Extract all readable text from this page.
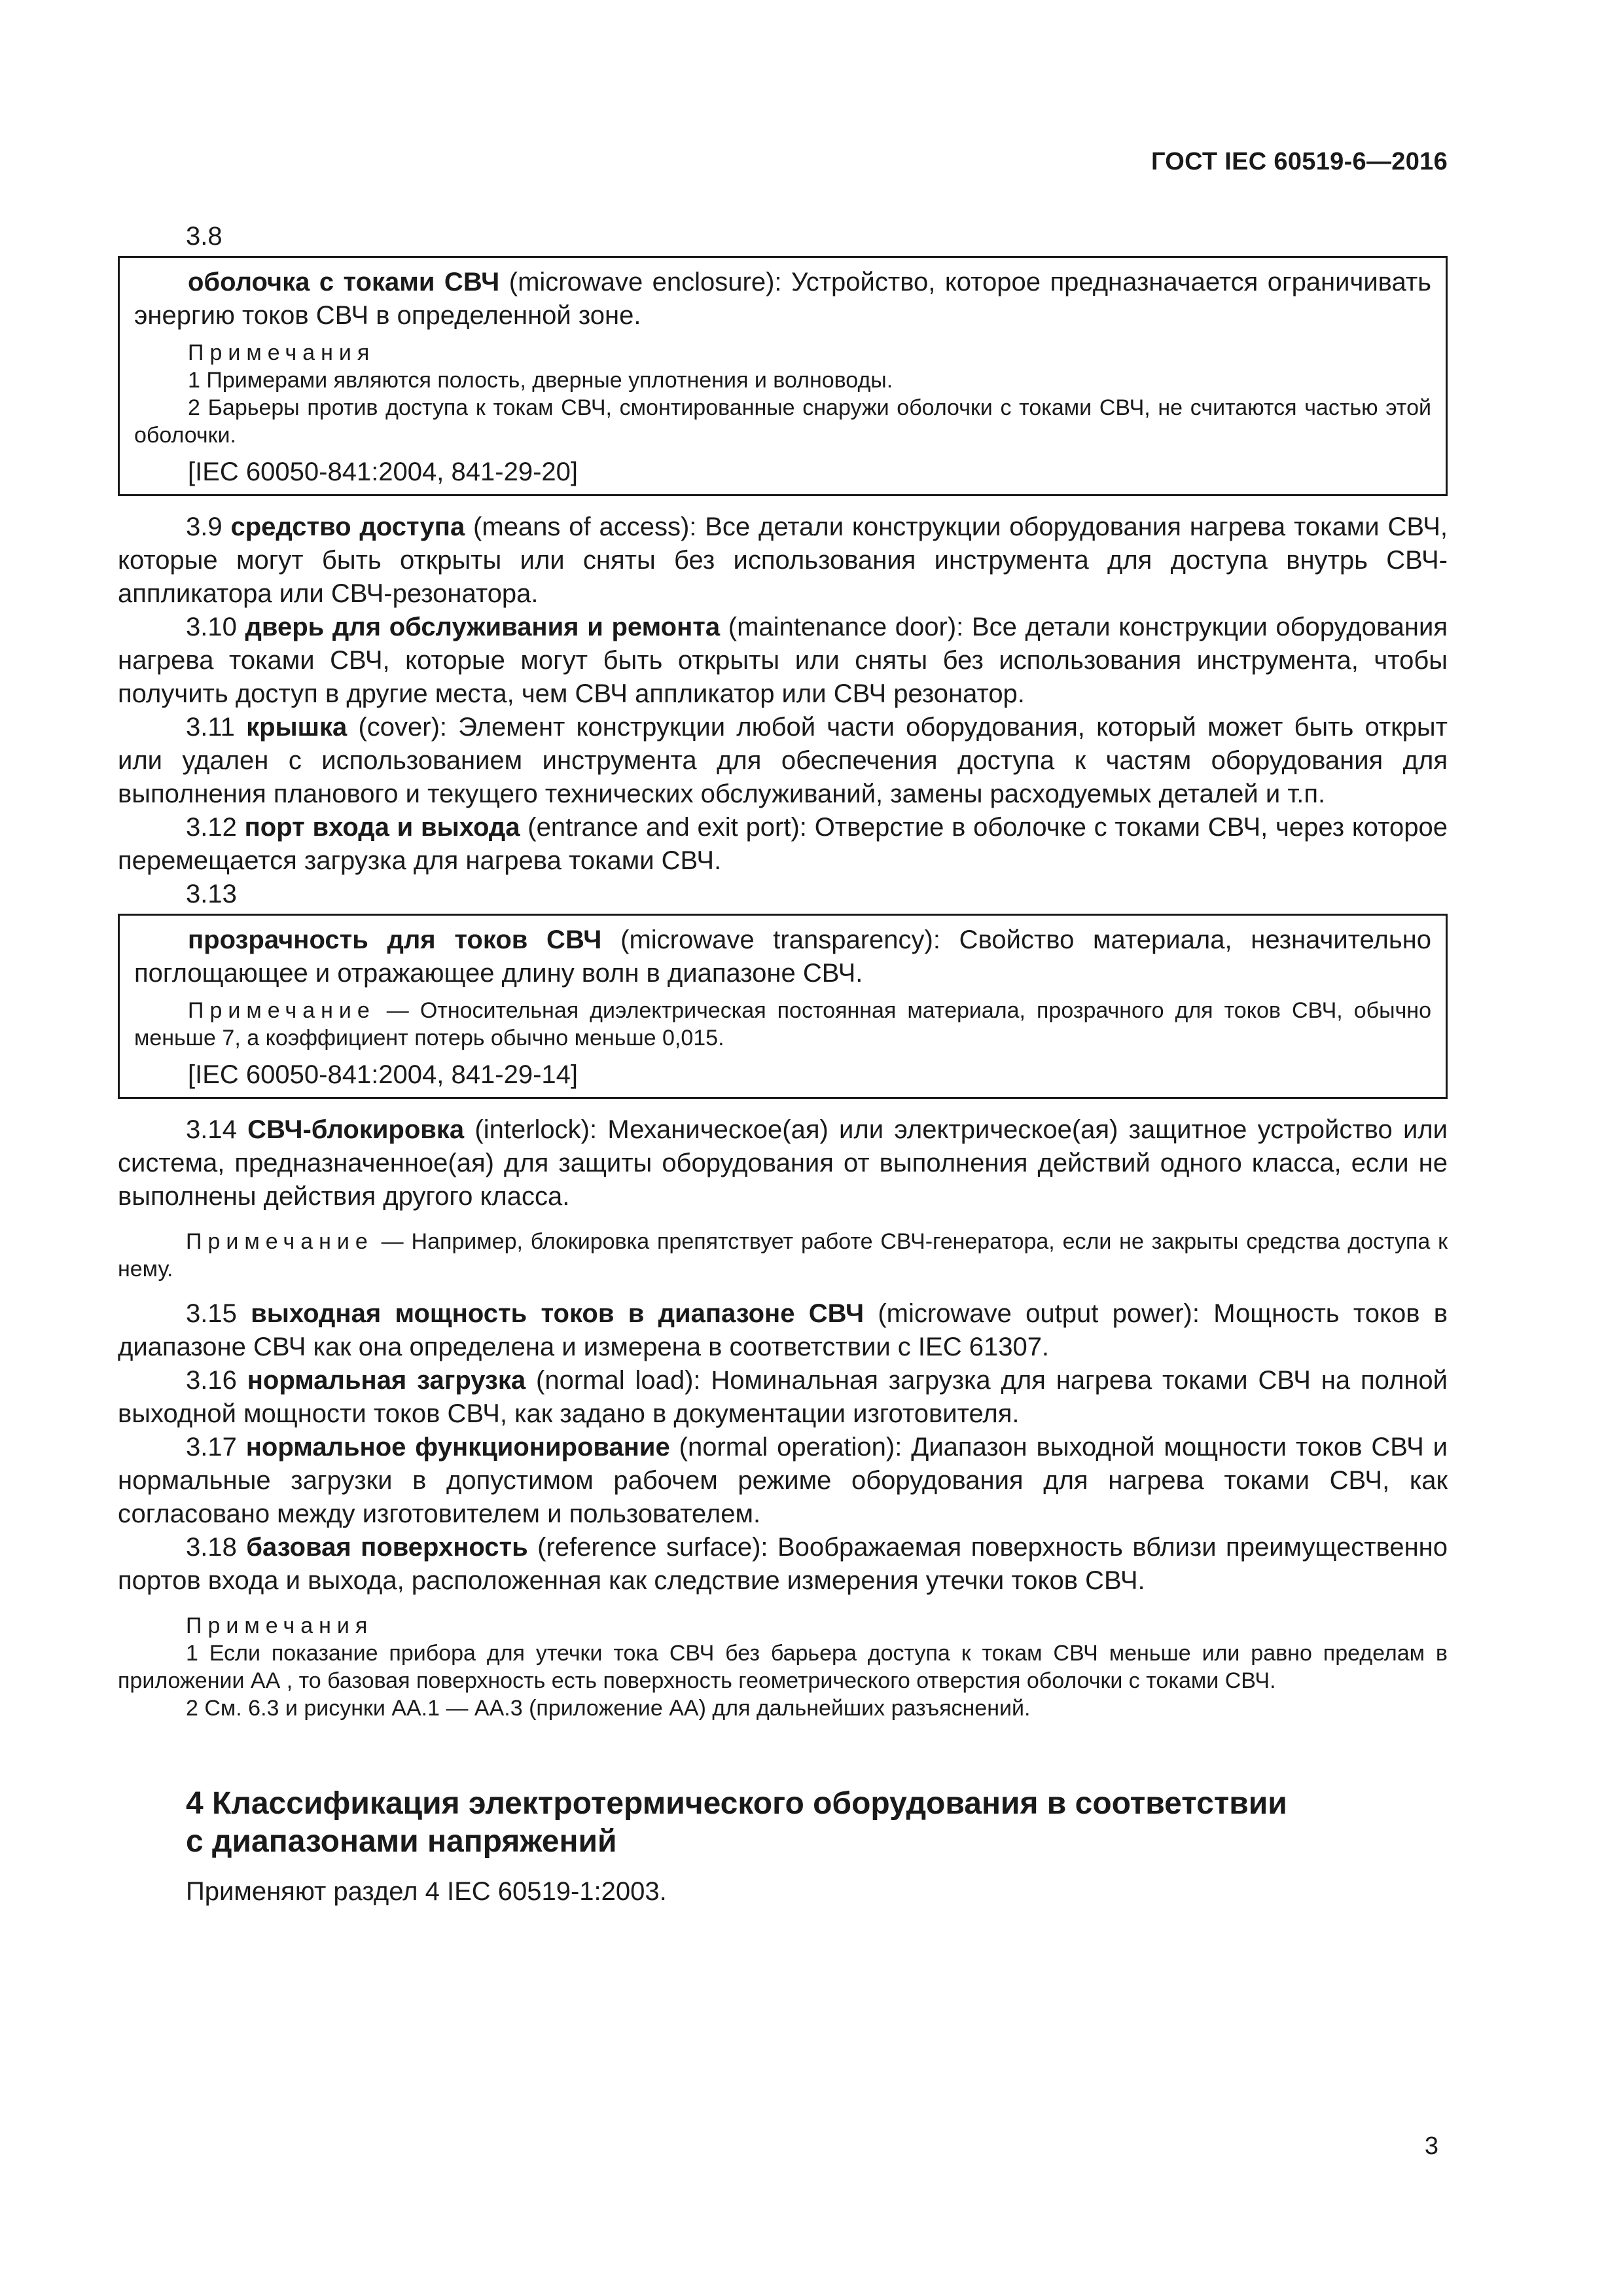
ГОСТ IEC 60519-6—2016

3.8

оболочка с токами СВЧ (microwave enclosure): Устройство, которое предназначается ограничивать энергию токов СВЧ в определенной зоне.

Примечания

1 Примерами являются полость, дверные уплотнения и волноводы.

2 Барьеры против доступа к токам СВЧ, смонтированные снаружи оболочки с токами СВЧ, не считаются частью этой оболочки.

[IEC 60050-841:2004, 841-29-20]

3.9 средство доступа (means of access): Все детали конструкции оборудования нагрева токами СВЧ, которые могут быть открыты или сняты без использования инструмента для доступа внутрь СВЧ-аппликатора или СВЧ-резонатора.

3.10 дверь для обслуживания и ремонта (maintenance door): Все детали конструкции оборудования нагрева токами СВЧ, которые могут быть открыты или сняты без использования инструмента, чтобы получить доступ в другие места, чем СВЧ аппликатор или СВЧ резонатор.

3.11 крышка (cover): Элемент конструкции любой части оборудования, который может быть открыт или удален с использованием инструмента для обеспечения доступа к частям оборудования для выполнения планового и текущего технических обслуживаний, замены расходуемых деталей и т.п.

3.12 порт входа и выхода (entrance and exit port): Отверстие в оболочке с токами СВЧ, через которое перемещается загрузка для нагрева токами СВЧ.

3.13

прозрачность для токов СВЧ (microwave transparency): Свойство материала, незначительно поглощающее и отражающее длину волн в диапазоне СВЧ.

Примечание — Относительная диэлектрическая постоянная материала, прозрачного для токов СВЧ, обычно меньше 7, а коэффициент потерь обычно меньше 0,015.

[IEC 60050-841:2004, 841-29-14]

3.14 СВЧ-блокировка (interlock): Механическое(ая) или электрическое(ая) защитное устройство или система, предназначенное(ая) для защиты оборудования от выполнения действий одного класса, если не выполнены действия другого класса.

Примечание — Например, блокировка препятствует работе СВЧ-генератора, если не закрыты средства доступа к нему.

3.15 выходная мощность токов в диапазоне СВЧ (microwave output power): Мощность токов в диапазоне СВЧ как она определена и измерена в соответствии с IEC 61307.

3.16 нормальная загрузка (normal load): Номинальная загрузка для нагрева токами СВЧ на полной выходной мощности токов СВЧ, как задано в документации изготовителя.

3.17 нормальное функционирование (normal operation): Диапазон выходной мощности токов СВЧ и нормальные загрузки в допустимом рабочем режиме оборудования для нагрева токами СВЧ, как согласовано между изготовителем и пользователем.

3.18 базовая поверхность (reference surface): Воображаемая поверхность вблизи преимущественно портов входа и выхода, расположенная как следствие измерения утечки токов СВЧ.

Примечания

1 Если показание прибора для утечки тока СВЧ без барьера доступа к токам СВЧ меньше или равно пределам в приложении АА , то базовая поверхность есть поверхность геометрического отверстия оболочки с токами СВЧ.

2 См. 6.3 и рисунки АА.1 — АА.3 (приложение АА) для дальнейших разъяснений.

4 Классификация электротермического оборудования в соответствии
с диапазонами напряжений

Применяют раздел 4 IEC 60519-1:2003.

3
